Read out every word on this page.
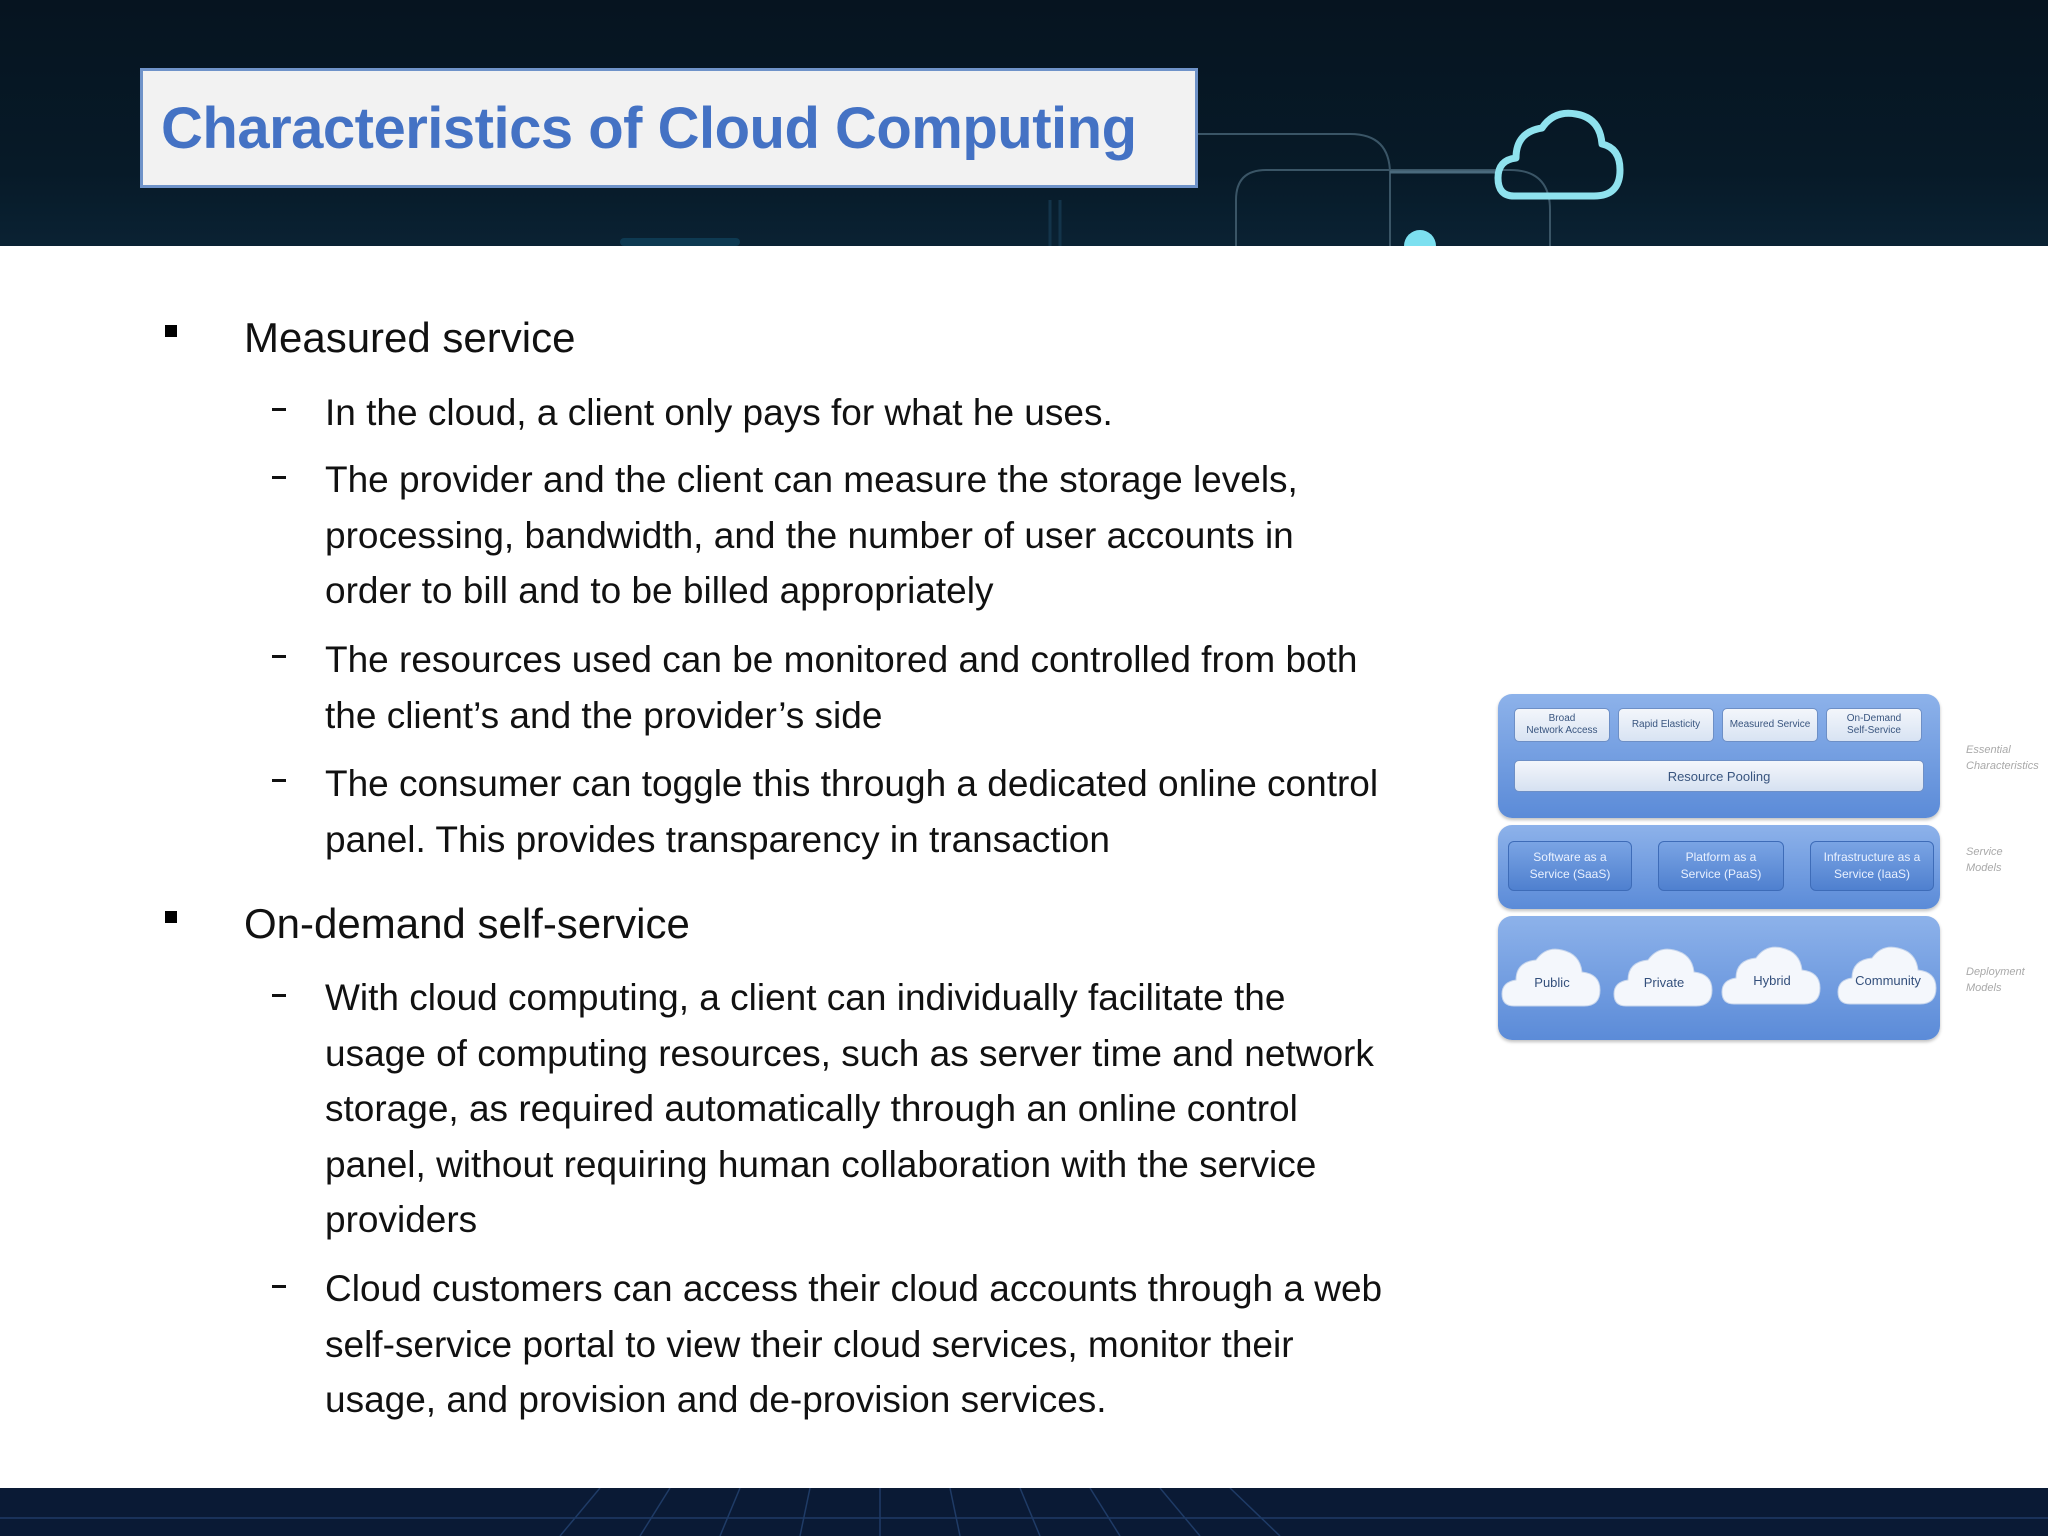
Characteristics of Cloud Computing
Measured service
In the cloud, a client only pays for what he uses.
The provider and the client can measure the storage levels,
processing, bandwidth, and the number of user accounts in
order to bill and to be billed appropriately
The resources used can be monitored and controlled from both
the client’s and the provider’s side
The consumer can toggle this through a dedicated online control
panel. This provides transparency in transaction
On-demand self-service
With cloud computing, a client can individually facilitate the
usage of computing resources, such as server time and network
storage, as required automatically through an online control
panel, without requiring human collaboration with the service
providers
Cloud customers can access their cloud accounts through a web
self-service portal to view their cloud services, monitor their
usage, and provision and de-provision services.
Broad
Network Access
Rapid Elasticity	Measured Service
On-Demand
Self-Service
Resource Pooling
Essential
Characteristics
Software as a
Service (SaaS)
Platform as a
Service (PaaS)
Infrastructure as a
Service (IaaS)
Service
Models
Public	Private	Hybrid	Community
Deployment
Models
